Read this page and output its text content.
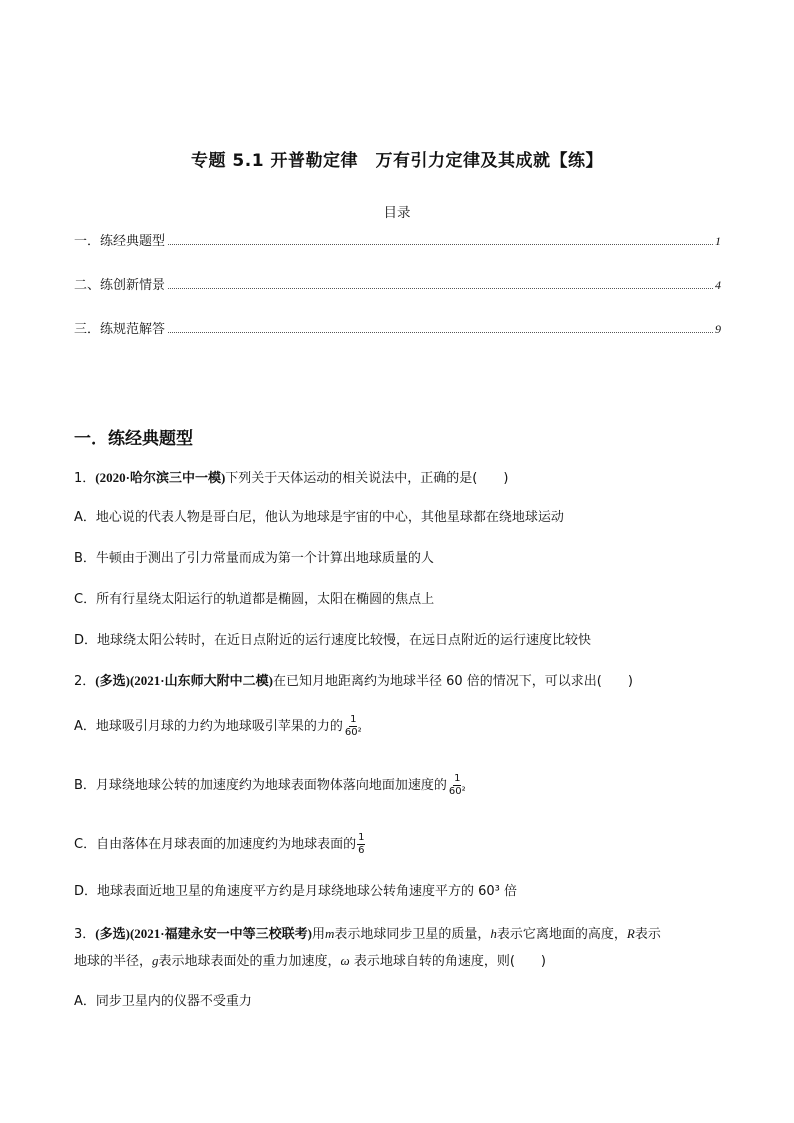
专题 5.1 开普勒定律　万有引力定律及其成就【练】
目录
一．练经典题型	1
二、练创新情景	4
三．练规范解答	9
一．练经典题型
1．(2020·哈尔滨三中一模)下列关于天体运动的相关说法中，正确的是(　　)
A．地心说的代表人物是哥白尼，他认为地球是宇宙的中心，其他星球都在绕地球运动
B．牛顿由于测出了引力常量而成为第一个计算出地球质量的人
C．所有行星绕太阳运行的轨道都是椭圆，太阳在椭圆的焦点上
D．地球绕太阳公转时，在近日点附近的运行速度比较慢，在远日点附近的运行速度比较快
2．(多选)(2021·山东师大附中二模)在已知月地距离约为地球半径 60 倍的情况下，可以求出(　　)
A．地球吸引月球的力约为地球吸引苹果的力的 $\frac{1}{\text{60²}}$
B．月球绕地球公转的加速度约为地球表面物体落向地面加速度的 $\frac{1}{\text{60²}}$
C．自由落体在月球表面的加速度约为地球表面的 $\frac{1}{6}$
D．地球表面近地卫星的角速度平方约是月球绕地球公转角速度平方的 60³ 倍
3．(多选)(2021·福建永安一中等三校联考)用m表示地球同步卫星的质量，h表示它离地面的高度，R表示
地球的半径，g表示地球表面处的重力加速度，ω 表示地球自转的角速度，则(　　)
A．同步卫星内的仪器不受重力
